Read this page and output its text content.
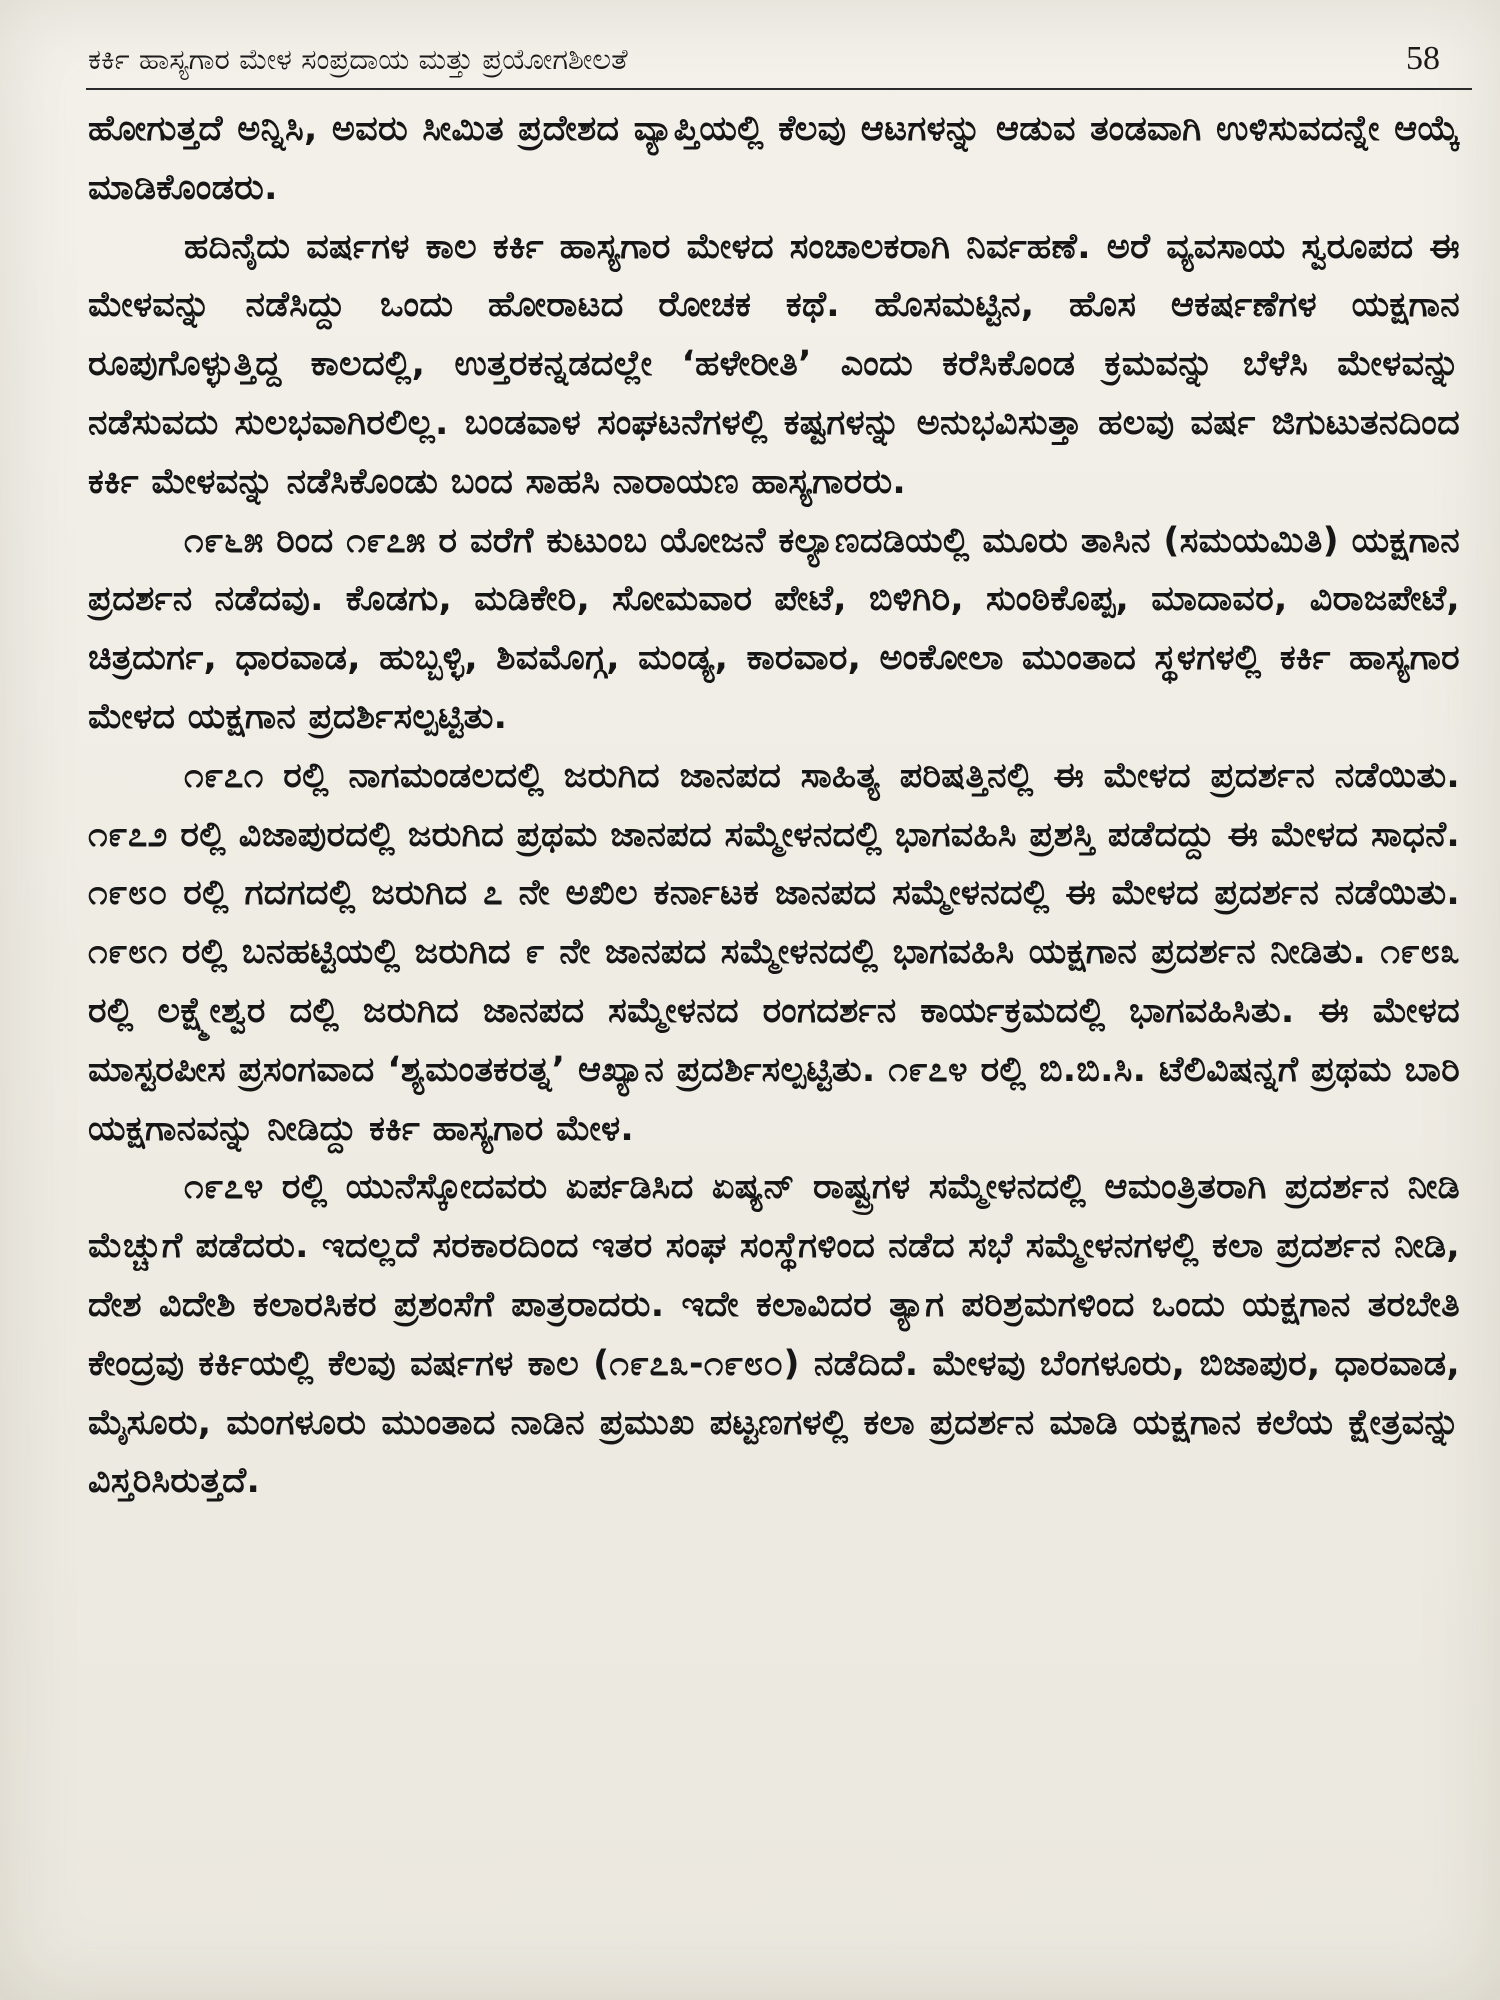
ಕರ್ಕಿ ಹಾಸ್ಯಗಾರ ಮೇಳ ಸಂಪ್ರದಾಯ ಮತ್ತು ಪ್ರಯೋಗಶೀಲತೆ	58

ಹೋಗುತ್ತದೆ ಅನ್ನಿಸಿ, ಅವರು ಸೀಮಿತ ಪ್ರದೇಶದ ವ್ಯಾಪ್ತಿಯಲ್ಲಿ ಕೆಲವು ಆಟಗಳನ್ನು ಆಡುವ ತಂಡವಾಗಿ ಉಳಿಸುವದನ್ನೇ ಆಯ್ಕೆ ಮಾಡಿಕೊಂಡರು.

ಹದಿನೈದು ವರ್ಷಗಳ ಕಾಲ ಕರ್ಕಿ ಹಾಸ್ಯಗಾರ ಮೇಳದ ಸಂಚಾಲಕರಾಗಿ ನಿರ್ವಹಣೆ. ಅರೆ ವ್ಯವಸಾಯ ಸ್ವರೂಪದ ಈ ಮೇಳವನ್ನು ನಡೆಸಿದ್ದು ಒಂದು ಹೋರಾಟದ ರೋಚಕ ಕಥೆ. ಹೊಸಮಟ್ಟಿನ, ಹೊಸ ಆಕರ್ಷಣೆಗಳ ಯಕ್ಷಗಾನ ರೂಪುಗೊಳ್ಳುತ್ತಿದ್ದ ಕಾಲದಲ್ಲಿ, ಉತ್ತರಕನ್ನಡದಲ್ಲೇ ‘ಹಳೇರೀತಿ’ ಎಂದು ಕರೆಸಿಕೊಂಡ ಕ್ರಮವನ್ನು ಬೆಳೆಸಿ ಮೇಳವನ್ನು ನಡೆಸುವದು ಸುಲಭವಾಗಿರಲಿಲ್ಲ. ಬಂಡವಾಳ ಸಂಘಟನೆಗಳಲ್ಲಿ ಕಷ್ಟಗಳನ್ನು ಅನುಭವಿಸುತ್ತಾ ಹಲವು ವರ್ಷ ಜಿಗುಟುತನದಿಂದ ಕರ್ಕಿ ಮೇಳವನ್ನು ನಡೆಸಿಕೊಂಡು ಬಂದ ಸಾಹಸಿ ನಾರಾಯಣ ಹಾಸ್ಯಗಾರರು.

೧೯೬೫ ರಿಂದ ೧೯೭೫ ರ ವರೆಗೆ ಕುಟುಂಬ ಯೋಜನೆ ಕಲ್ಯಾಣದಡಿಯಲ್ಲಿ ಮೂರು ತಾಸಿನ (ಸಮಯಮಿತಿ) ಯಕ್ಷಗಾನ ಪ್ರದರ್ಶನ ನಡೆದವು. ಕೊಡಗು, ಮಡಿಕೇರಿ, ಸೋಮವಾರ ಪೇಟೆ, ಬಿಳಿಗಿರಿ, ಸುಂಠಿಕೊಪ್ಪ, ಮಾದಾವರ, ವಿರಾಜಪೇಟೆ, ಚಿತ್ರದುರ್ಗ, ಧಾರವಾಡ, ಹುಬ್ಬಳ್ಳಿ, ಶಿವಮೊಗ್ಗ, ಮಂಡ್ಯ, ಕಾರವಾರ, ಅಂಕೋಲಾ ಮುಂತಾದ ಸ್ಥಳಗಳಲ್ಲಿ ಕರ್ಕಿ ಹಾಸ್ಯಗಾರ ಮೇಳದ ಯಕ್ಷಗಾನ ಪ್ರದರ್ಶಿಸಲ್ಪಟ್ಟಿತು.

೧೯೭೧ ರಲ್ಲಿ ನಾಗಮಂಡಲದಲ್ಲಿ ಜರುಗಿದ ಜಾನಪದ ಸಾಹಿತ್ಯ ಪರಿಷತ್ತಿನಲ್ಲಿ ಈ ಮೇಳದ ಪ್ರದರ್ಶನ ನಡೆಯಿತು. ೧೯೭೨ ರಲ್ಲಿ ವಿಜಾಪುರದಲ್ಲಿ ಜರುಗಿದ ಪ್ರಥಮ ಜಾನಪದ ಸಮ್ಮೇಳನದಲ್ಲಿ ಭಾಗವಹಿಸಿ ಪ್ರಶಸ್ತಿ ಪಡೆದದ್ದು ಈ ಮೇಳದ ಸಾಧನೆ. ೧೯೮೦ ರಲ್ಲಿ ಗದಗದಲ್ಲಿ ಜರುಗಿದ ೭ ನೇ ಅಖಿಲ ಕರ್ನಾಟಕ ಜಾನಪದ ಸಮ್ಮೇಳನದಲ್ಲಿ ಈ ಮೇಳದ ಪ್ರದರ್ಶನ ನಡೆಯಿತು. ೧೯೮೧ ರಲ್ಲಿ ಬನಹಟ್ಟಿಯಲ್ಲಿ ಜರುಗಿದ ೯ ನೇ ಜಾನಪದ ಸಮ್ಮೇಳನದಲ್ಲಿ ಭಾಗವಹಿಸಿ ಯಕ್ಷಗಾನ ಪ್ರದರ್ಶನ ನೀಡಿತು. ೧೯೮೩ ರಲ್ಲಿ ಲಕ್ಷ್ಮೇಶ್ವರ ದಲ್ಲಿ ಜರುಗಿದ ಜಾನಪದ ಸಮ್ಮೇಳನದ ರಂಗದರ್ಶನ ಕಾರ್ಯಕ್ರಮದಲ್ಲಿ ಭಾಗವಹಿಸಿತು. ಈ ಮೇಳದ ಮಾಸ್ಟರಪೀಸ ಪ್ರಸಂಗವಾದ ‘ಶ್ಯಮಂತಕರತ್ನ’ ಆಖ್ಯಾನ ಪ್ರದರ್ಶಿಸಲ್ಪಟ್ಟಿತು. ೧೯೭೪ ರಲ್ಲಿ ಬಿ.ಬಿ.ಸಿ. ಟೆಲಿವಿಷನ್ನಗೆ ಪ್ರಥಮ ಬಾರಿ ಯಕ್ಷಗಾನವನ್ನು ನೀಡಿದ್ದು ಕರ್ಕಿ ಹಾಸ್ಯಗಾರ ಮೇಳ.

೧೯೭೪ ರಲ್ಲಿ ಯುನೆಸ್ಕೋದವರು ಏರ್ಪಡಿಸಿದ ಏಷ್ಯನ್ ರಾಷ್ಟ್ರಗಳ ಸಮ್ಮೇಳನದಲ್ಲಿ ಆಮಂತ್ರಿತರಾಗಿ ಪ್ರದರ್ಶನ ನೀಡಿ ಮೆಚ್ಚುಗೆ ಪಡೆದರು. ಇದಲ್ಲದೆ ಸರಕಾರದಿಂದ ಇತರ ಸಂಘ ಸಂಸ್ಥೆಗಳಿಂದ ನಡೆದ ಸಭೆ ಸಮ್ಮೇಳನಗಳಲ್ಲಿ ಕಲಾ ಪ್ರದರ್ಶನ ನೀಡಿ, ದೇಶ ವಿದೇಶಿ ಕಲಾರಸಿಕರ ಪ್ರಶಂಸೆಗೆ ಪಾತ್ರರಾದರು. ಇದೇ ಕಲಾವಿದರ ತ್ಯಾಗ ಪರಿಶ್ರಮಗಳಿಂದ ಒಂದು ಯಕ್ಷಗಾನ ತರಬೇತಿ ಕೇಂದ್ರವು ಕರ್ಕಿಯಲ್ಲಿ ಕೆಲವು ವರ್ಷಗಳ ಕಾಲ (೧೯೭೩-೧೯೮೦) ನಡೆದಿದೆ. ಮೇಳವು ಬೆಂಗಳೂರು, ಬಿಜಾಪುರ, ಧಾರವಾಡ, ಮೈಸೂರು, ಮಂಗಳೂರು ಮುಂತಾದ ನಾಡಿನ ಪ್ರಮುಖ ಪಟ್ಟಣಗಳಲ್ಲಿ ಕಲಾ ಪ್ರದರ್ಶನ ಮಾಡಿ ಯಕ್ಷಗಾನ ಕಲೆಯ ಕ್ಷೇತ್ರವನ್ನು ವಿಸ್ತರಿಸಿರುತ್ತದೆ.
